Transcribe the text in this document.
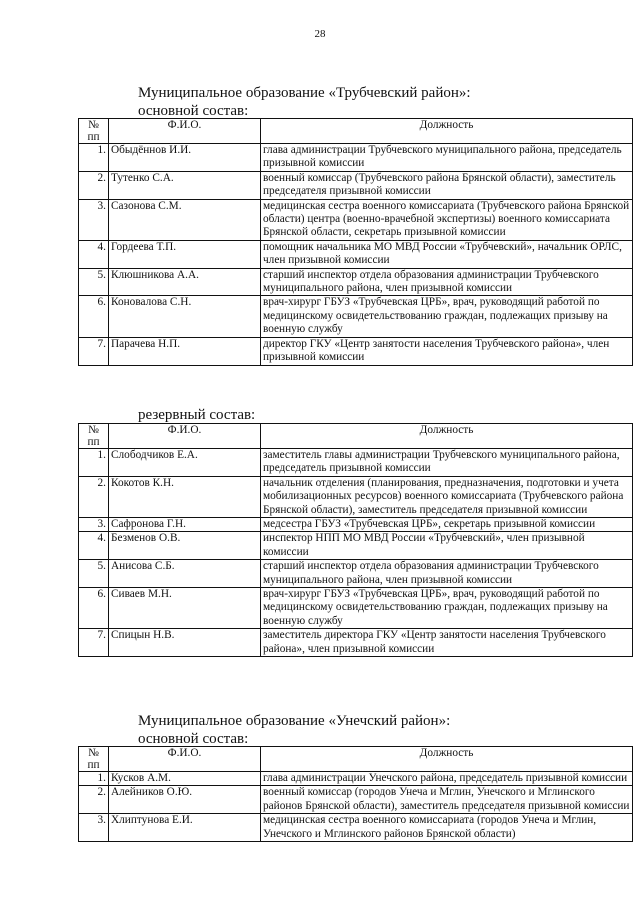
28
Муниципальное образование «Трубчевский район»:
основной состав:
№ пп	Ф.И.О.	Должность
1.	Обыдённов И.И.	глава администрации Трубчевского муниципального района, председатель призывной комиссии
2.	Тутенко С.А.	военный комиссар (Трубчевского района Брянской области), заместитель председателя призывной комиссии
3.	Сазонова С.М.	медицинская сестра военного комиссариата (Трубчевского района Брянской области) центра (военно-врачебной экспертизы) военного комиссариата Брянской области, секретарь призывной комиссии
4.	Гордеева Т.П.	помощник начальника МО МВД России «Трубчевский», начальник ОРЛС, член призывной комиссии
5.	Клюшникова А.А.	старший инспектор отдела образования администрации Трубчевского муниципального района, член призывной комиссии
6.	Коновалова С.Н.	врач-хирург ГБУЗ «Трубчевская ЦРБ», врач, руководящий работой по медицинскому освидетельствованию граждан, подлежащих призыву на военную службу
7.	Парачева Н.П.	директор ГКУ «Центр занятости населения Трубчевского района», член призывной комиссии
резервный состав:
№ пп	Ф.И.О.	Должность
1.	Слободчиков Е.А.	заместитель главы администрации Трубчевского муниципального района, председатель призывной комиссии
2.	Кокотов К.Н.	начальник отделения (планирования, предназначения, подготовки и учета мобилизационных ресурсов) военного комиссариата (Трубчевского района Брянской области), заместитель председателя призывной комиссии
3.	Сафронова Г.Н.	медсестра ГБУЗ «Трубчевская ЦРБ», секретарь призывной комиссии
4.	Безменов О.В.	инспектор НПП МО МВД России «Трубчевский», член призывной комиссии
5.	Анисова С.Б.	старший инспектор отдела образования администрации Трубчевского муниципального района, член призывной комиссии
6.	Сиваев М.Н.	врач-хирург ГБУЗ «Трубчевская ЦРБ», врач, руководящий работой по медицинскому освидетельствованию граждан, подлежащих призыву на военную службу
7.	Спицын Н.В.	заместитель директора ГКУ «Центр занятости населения Трубчевского района», член призывной комиссии
Муниципальное образование «Унечский район»:
основной состав:
№ пп	Ф.И.О.	Должность
1.	Кусков А.М.	глава администрации Унечского района, председатель призывной комиссии
2.	Алейников О.Ю.	военный комиссар (городов Унеча и Мглин, Унечского и Мглинского районов Брянской области), заместитель председателя призывной комиссии
3.	Хлиптунова Е.И.	медицинская сестра военного комиссариата (городов Унеча и Мглин, Унечского и Мглинского районов Брянской области)
